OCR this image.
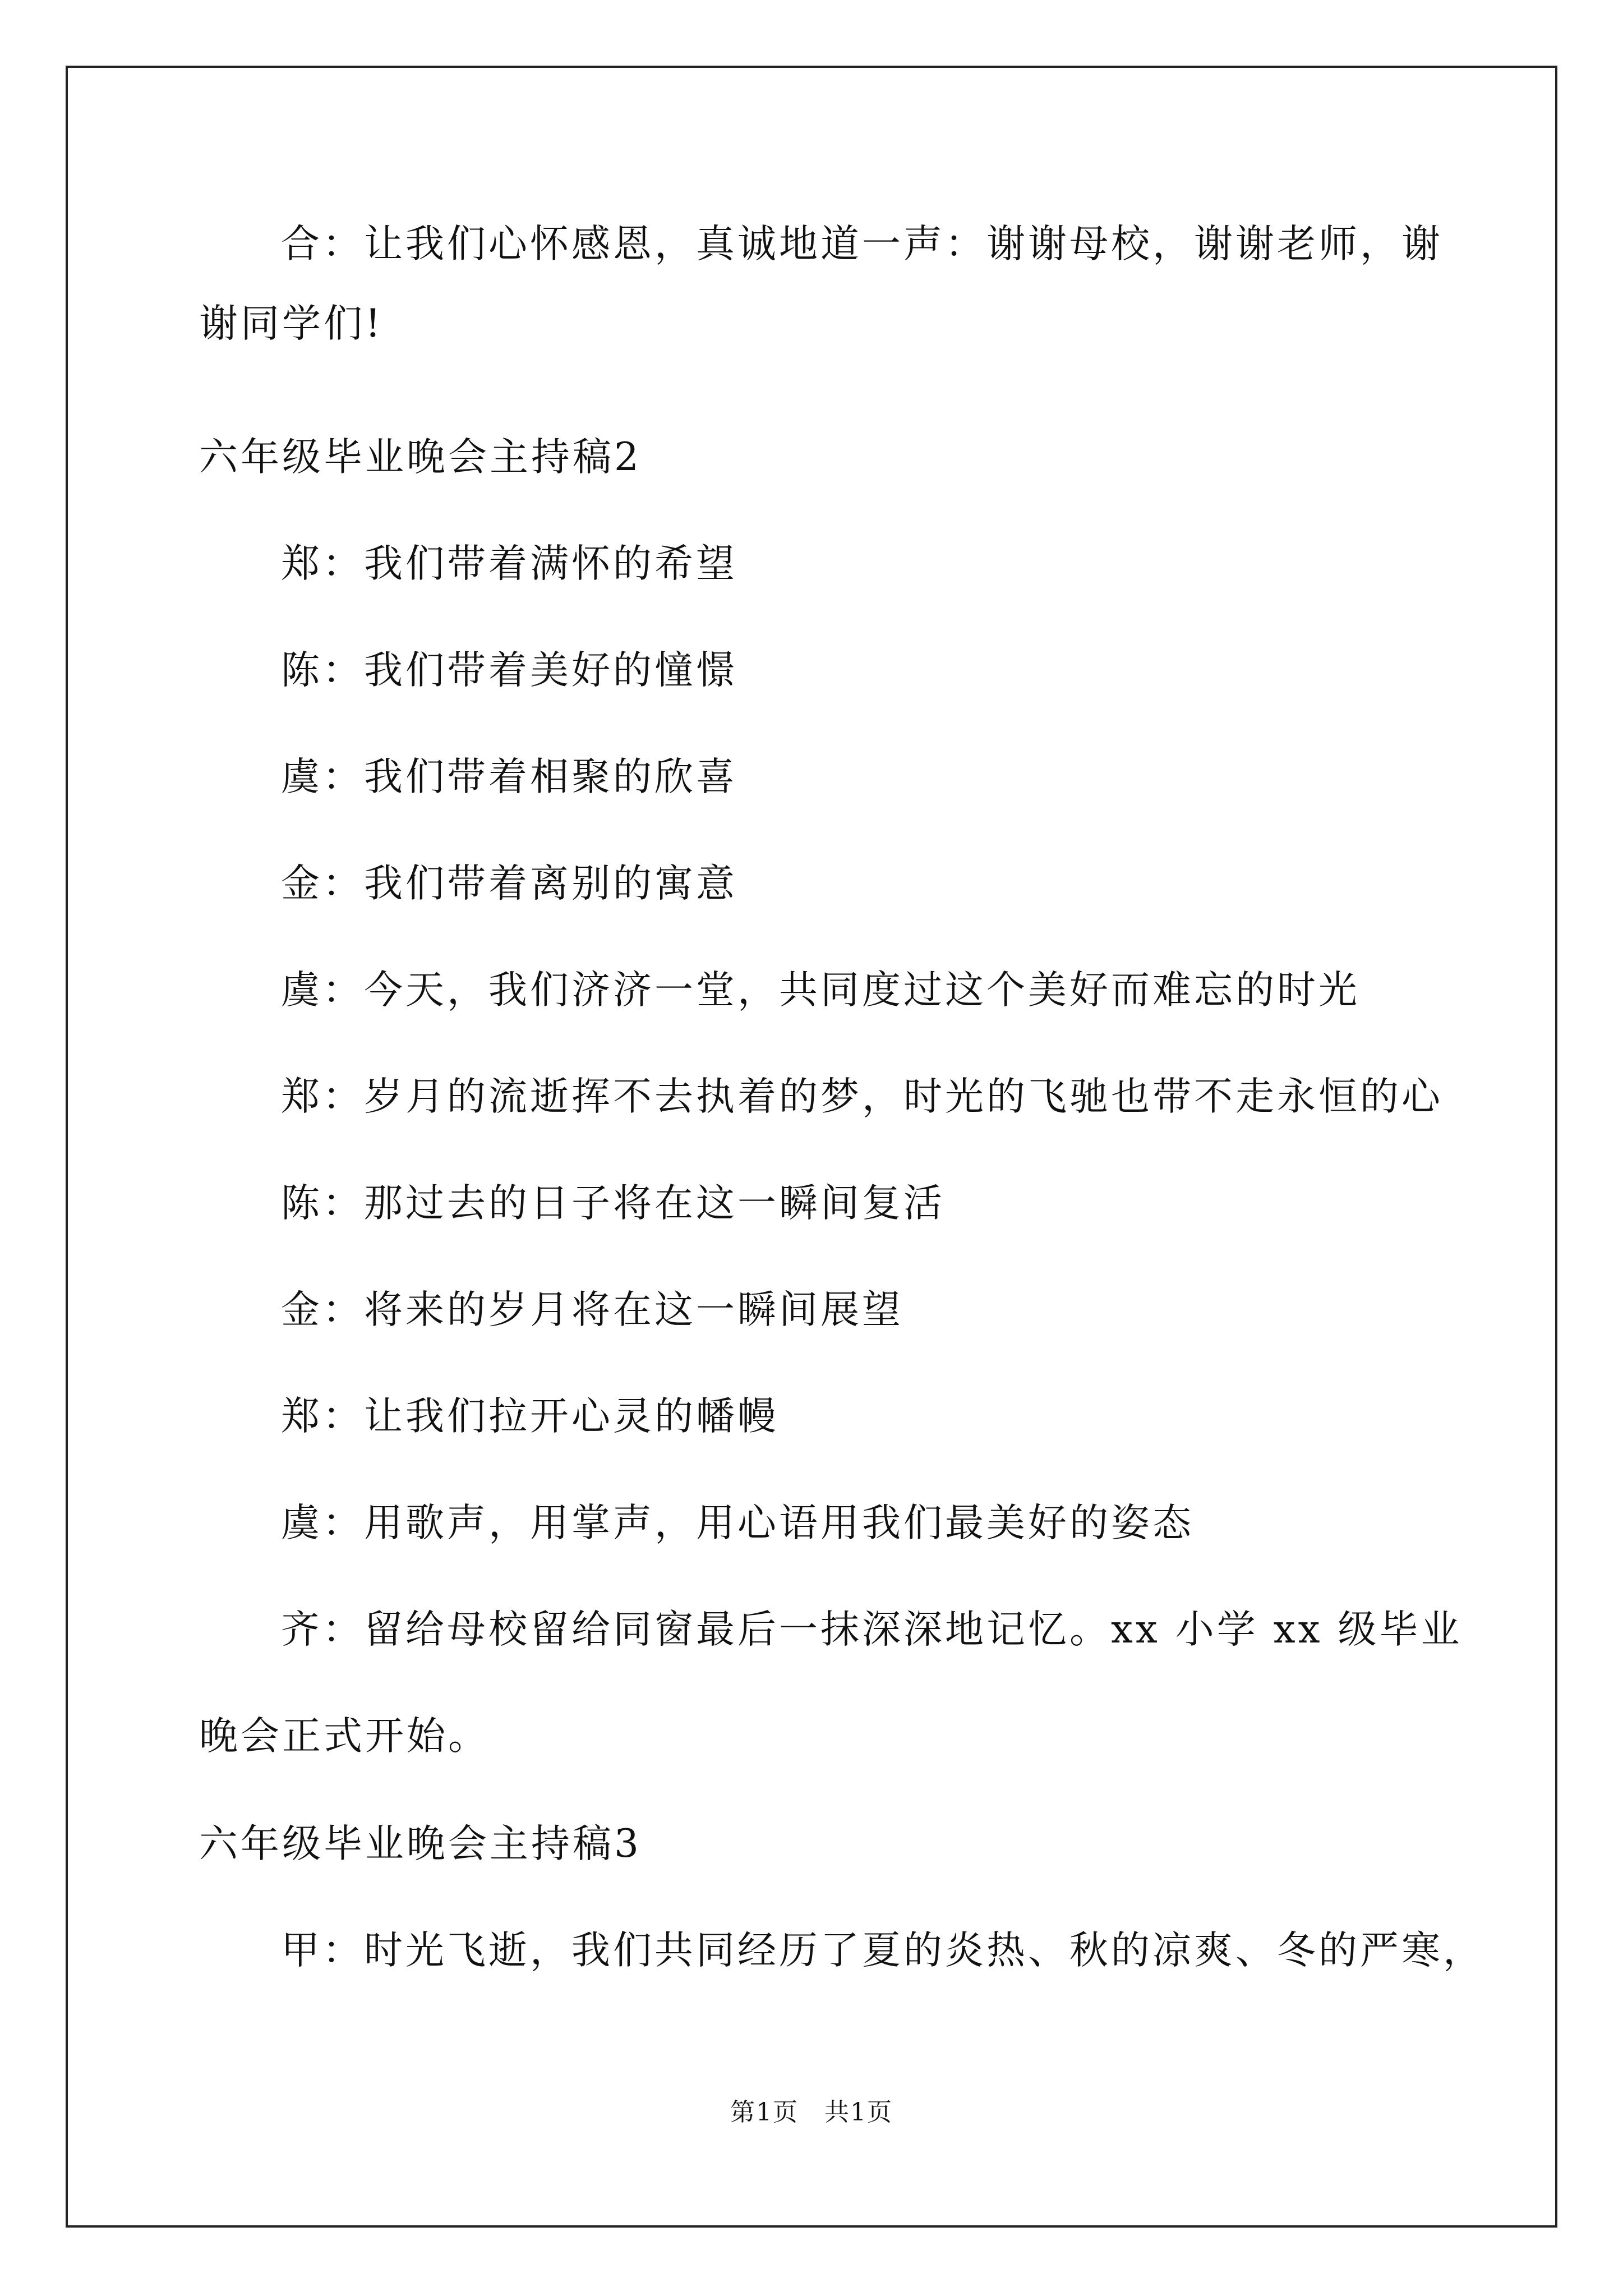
合：让我们心怀感恩，真诚地道一声：谢谢母校，谢谢老师，谢
谢同学们!
六年级毕业晚会主持稿2
郑：我们带着满怀的希望
陈：我们带着美好的憧憬
虞：我们带着相聚的欣喜
金：我们带着离别的寓意
虞：今天，我们济济一堂，共同度过这个美好而难忘的时光
郑：岁月的流逝挥不去执着的梦，时光的飞驰也带不走永恒的心
陈：那过去的日子将在这一瞬间复活
金：将来的岁月将在这一瞬间展望
郑：让我们拉开心灵的幡幔
虞：用歌声，用掌声，用心语用我们最美好的姿态
齐：留给母校留给同窗最后一抹深深地记忆。xx 小学 xx 级毕业
晚会正式开始。
六年级毕业晚会主持稿3
甲：时光飞逝，我们共同经历了夏的炎热、秋的凉爽、冬的严寒，
第1页　共1页
